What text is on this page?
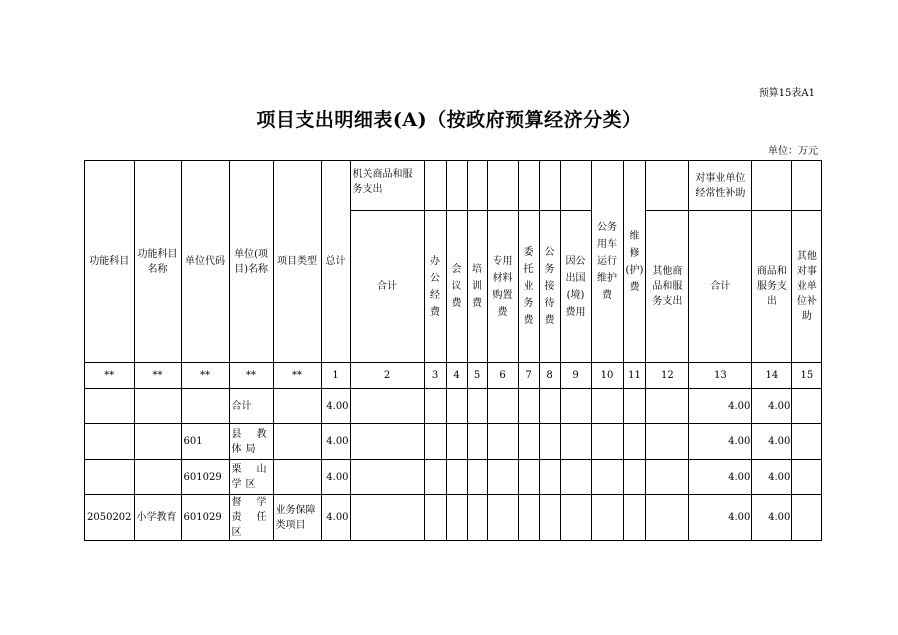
预算15表A1
项目支出明细表(A)（按政府预算经济分类）
单位：万元
功能科目	功能科目名称	单位代码	单位(项目)名称	项目类型	总计	机关商品和服务支出								公务用车运行维护费	维修(护)费		对事业单位经常性补助		
						合计	办公经费	会议费	培训费	专用材料购置费	委托业务费	公务接待费	因公出国(境)费用			其他商品和服务支出	合计	商品和服务支出	其他对事业单位补助
**	**	**	**	**	1	2	3	4	5	6	7	8	9	10	11	12	13	14	15
			合计		4.00												4.00	4.00	
		601	县教体局		4.00												4.00	4.00	
		601029	栗山学区		4.00												4.00	4.00	
2050202	小学教育	601029	督学责任区	业务保障类项目	4.00												4.00	4.00	
